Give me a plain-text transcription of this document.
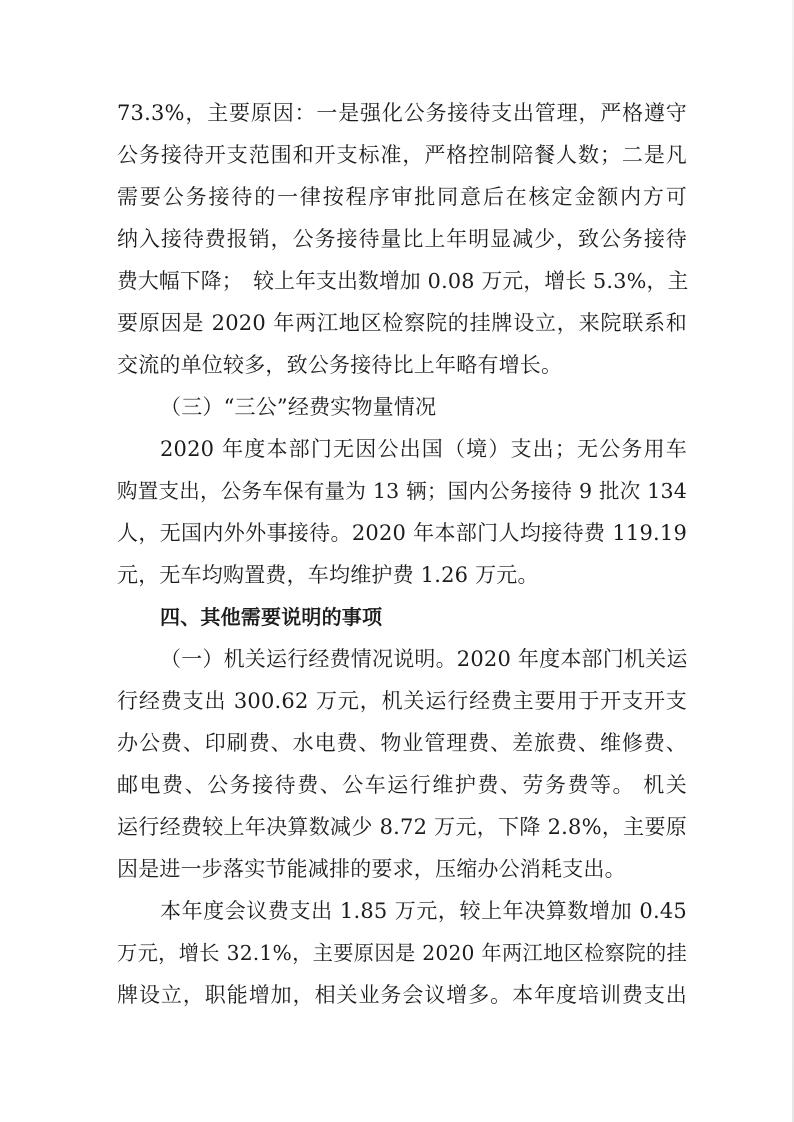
73.3%，主要原因：一是强化公务接待支出管理，严格遵守
公务接待开支范围和开支标准，严格控制陪餐人数；二是凡
需要公务接待的一律按程序审批同意后在核定金额内方可
纳入接待费报销，公务接待量比上年明显减少，致公务接待
费大幅下降；　较上年支出数增加 0.08 万元，增长 5.3%，主
要原因是 2020 年两江地区检察院的挂牌设立，来院联系和
交流的单位较多，致公务接待比上年略有增长。
（三）“三公”经费实物量情况
2020 年度本部门无因公出国（境）支出；无公务用车
购置支出，公务车保有量为 13 辆；国内公务接待 9 批次 134
人，无国内外外事接待。2020 年本部门人均接待费 119.19
元，无车均购置费，车均维护费 1.26 万元。
四、其他需要说明的事项
（一）机关运行经费情况说明。2020 年度本部门机关运
行经费支出 300.62 万元，机关运行经费主要用于开支开支
办公费、印刷费、水电费、物业管理费、差旅费、维修费、
邮电费、公务接待费、公车运行维护费、劳务费等。 机关
运行经费较上年决算数减少 8.72 万元，下降 2.8%，主要原
因是进一步落实节能减排的要求，压缩办公消耗支出。
本年度会议费支出 1.85 万元，较上年决算数增加 0.45
万元，增长 32.1%，主要原因是 2020 年两江地区检察院的挂
牌设立，职能增加，相关业务会议增多。本年度培训费支出
